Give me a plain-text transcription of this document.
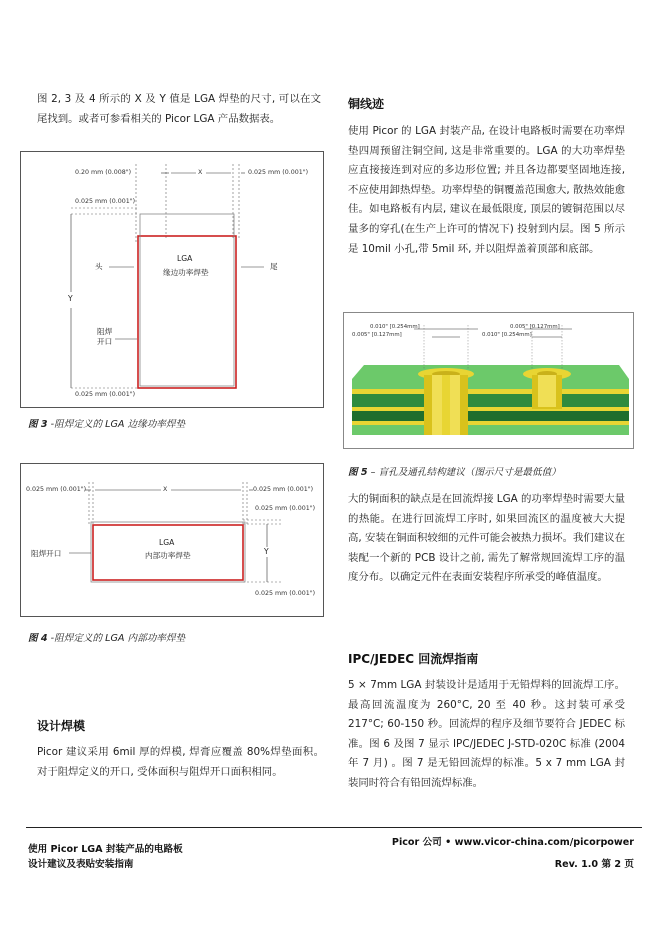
图 2, 3 及 4 所示的 X 及 Y 值是 LGA 焊垫的尺寸, 可以在文尾找到。或者可参看相关的 Picor LGA 产品数据表。
0.20 mm (0.008")	X	0.025 mm (0.001")
0.025 mm (0.001")
0.025 mm (0.001")
头	尾
Y
阻焊
开口
LGA
缘边功率焊垫
图 3 -阻焊定义的 LGA 边缘功率焊垫
0.025 mm (0.001")	X	0.025 mm (0.001")
0.025 mm (0.001")
0.025 mm (0.001")
阻焊开口	Y
LGA
内部功率焊垫
图 4 -阻焊定义的 LGA 内部功率焊垫
设计焊模
Picor 建议采用 6mil 厚的焊模, 焊膏应覆盖 80%焊垫面积。对于阻焊定义的开口, 受体面积与阻焊开口面积相同。
铜线迹
使用 Picor 的 LGA 封装产品, 在设计电路板时需要在功率焊垫四周预留注铜空间, 这是非常重要的。LGA 的大功率焊垫应直接接连到对应的多边形位置; 并且各边都要坚固地连接, 不应使用卸热焊垫。功率焊垫的铜覆盖范围愈大, 散热效能愈佳。如电路板有内层, 建议在最低限度, 顶层的镀铜范围以尽量多的穿孔(在生产上许可的情况下) 投射到内层。图 5 所示是 10mil 小孔,带 5mil 环, 并以阻焊盖着顶部和底部。
0.010" [0.254mm]
0.005" [0.127mm]
0.005" [0.127mm]
0.010" [0.254mm]
图 5 – 盲孔及通孔结构建议（图示尺寸是最低值）
大的铜面积的缺点是在回流焊接 LGA 的功率焊垫时需要大量的热能。在进行回流焊工序时, 如果回流区的温度被大大提高, 安装在铜面积较细的元件可能会被热力损坏。我们建议在装配一个新的 PCB 设计之前, 需先了解常规回流焊工序的温度分布。以确定元件在表面安装程序所承受的峰值温度。
IPC/JEDEC 回流焊指南
5 × 7mm LGA 封装设计是适用于无铅焊料的回流焊工序。最高回流温度为 260°C, 20 至 40 秒。这封装可承受 217°C; 60-150 秒。回流焊的程序及细节要符合 JEDEC 标准。图 6 及图 7 显示 IPC/JEDEC J-STD-020C 标准 (2004 年 7 月) 。图 7 是无铅回流焊的标准。5 x 7 mm LGA 封装同时符合有铅回流焊标准。
使用 Picor LGA 封装产品的电路板
设计建议及表贴安装指南
Picor 公司 • www.vicor-china.com/picorpower
Rev. 1.0 第 2 页
